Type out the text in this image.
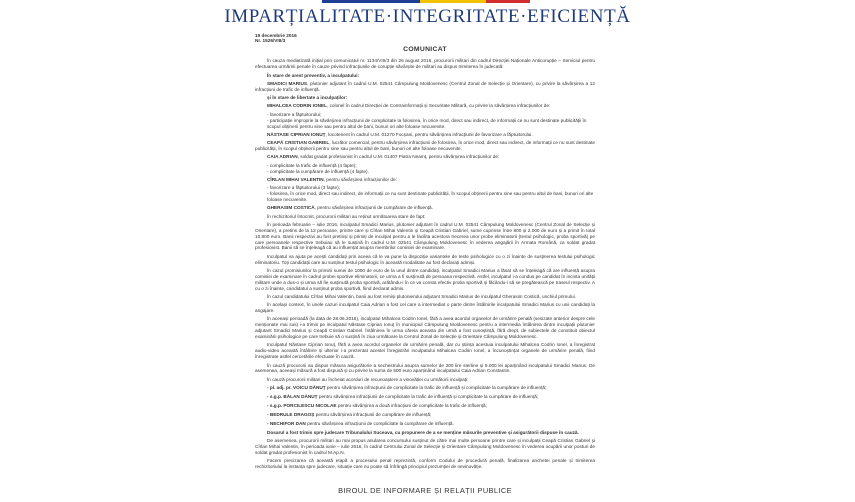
IMPARȚIALITATE·INTEGRITATE·EFICIENȚĂ

19 decembrie 2016

Nr. 1526/VIII/3

COMUNICAT

În cauza mediatizată inițial prin comunicatul nr. 1134/VIII/3 din 26 august 2016, procurorii militari din cadrul Direcției Naționale Anticorupție – Serviciul pentru efectuarea urmăririi penale în cauze privind infracțiunile de corupție săvârșite de militari au dispus trimiterea în judecată:

În stare de arest preventiv, a inculpatului:

SMADICI MARIUS, plutonier adjutant în cadrul U.M. 02541 Câmpulung Moldovenesc (Centrul Zonal de Selecție și Orientare), cu privire la săvârșirea a 12 infracțiuni de trafic de influență.

și în stare de libertate a inculpaților:

MIHALCEA CODRIN IONEL, colonel în cadrul Direcției de Contrainformații și Securitate Militară, cu privire la săvârșirea infracțiunilor de:

- favorizare a făptuitorului;
- participație improprie la săvârșirea infracțiunii de complicitate la folosirea, în orice mod, direct sau indirect, de informații ce nu sunt destinate publicității în scopul obținerii pentru sine sau pentru altul de bani, bunuri ori alte foloase necuvenite.

NĂSTASE CIPRIAN IONUȚ, locotenent în cadrul U.M. 01270 Focșani, pentru săvârșirea infracțiunii de favorizare a făptuitorului.

CEAPĂ CRISTIAN GABRIEL, lucrător comercial, pentru săvârșirea infracțiunii de folosirea, în orice mod, direct sau indirect, de informații ce nu sunt destinate publicității, în scopul obținerii pentru sine sau pentru altul de bani, bunuri ori alte foloase necuvenite.

CAIA ADRIAN, soldat gradat profesionist în cadrul U.M. 01407 Piatra Neamț, pentru săvârșirea infracțiunilor de:

- complicitate la trafic de influență (4 fapte);
- complicitate la cumpărare de influență (4 fapte).

CÎRLAN MIHAI VALENTIN, pentru săvârșirea infracțiunilor de:

- favorizare a făptuitorului (3 fapte);
- folosirea, în orice mod, direct sau indirect, de informații ce nu sunt destinate publicității, în scopul obținerii pentru sine sau pentru altul de bani, bunuri ori alte foloase necuvenite.

GHERASIM COSTICĂ, pentru săvârșirea infracțiunii de cumpărare de influență.

În rechizitoriul întocmit, procurorii militari au reținut următoarea stare de fapt:

În perioada februarie – iulie 2016, inculpatul Smadici Marius, plutonier adjutant în cadrul U.M. 02541 Câmpulung Moldovenesc (Centrul Zonal de Selecție și Orientare), a pretins de la 12 persoane, printre care și Cîrlan Mihai Valentin și Ceapă Cristian Gabriel, sume cuprinse între 800 și 2.000 de euro și a primit în total 10.800 euro. Banii respectivi au fost pretinși și primiți de inculpat pentru a le facilita acestora trecerea unor probe eliminatorii (testul psihologic, proba sportivă) pe care persoanele respective trebuiau să le susțină în cadrul U.M. 02541 Câmpulung Moldovenesc în vederea angajării în Armata Română, ca soldat gradat profesionist. Banii să se înțeleagă că au influențat asupra membrilor comisiei de examinare.

Inculpatul va ajuta pe acești candidați prin aceea că le va pune la dispoziție variantele de teste psihologice cu o zi înainte de susținerea testului psihologic eliminatoriu. Toți candidații care au susținut testul psihologic în această modalitate au fost declarați admiși.

În cazul promisiunilor la primirii sumei de 1000 de euro de la unul dintre candidați, inculpatul Smadici Marius a lăsat să se înțeleagă că are influență asupra comisiei de examinare în cadrul probei sportive eliminatorii, ce urma a fi susținută de persoana respectivă. Astfel, inculpatul i-a condus pe candidat în incinta unității militare unde a dus-o și urma să fie susținută proba sportivă, arătându-i în ce va consta efectiv proba sportivă și făcându-i să se pregătească pe traseul respectiv. A cu o zi înainte, candidatul a susținut proba sportivă, fiind declarat admis.

În cazul candidatului Cîrlan Mihai Valentin, banii au fost remiși plutonierului adjutant Smadici Marius de inculpatul Gherasim Costică, unchiul primului.

În același context, în unele cazuri inculpatul Caia Adrian a fost cel care a intermediat o parte dintre întâlnirile inculpatului Smadici Marius cu unii candidați la angajare.

În aceeași perioadă (la data de 28.06.2016), inculpatul Mihalcea Codrin Ionel, fără a avea acordul organelor de urmărire penală (sesizate anterior despre cele menționate mai sus) i-a trimis pe inculpatul Năstase Ciprian Ionuț în municipiul Câmpulung Moldovenesc pentru a intermedia întâlnirea dintre inculpații plutonier adjutant Smadici Marius și Ceapă Cristian Gabriel. Întâlnirea în urma căreia aceasta din urmă a fost cunoștință, fără drept, de subiectele de constituit obiectul examinării psihologice pe care trebuie să o susțină în ziua următoare la Centrul Zonal de Selecție și Orientare Câmpulung Moldovenesc.

Inculpatul Năstase Ciprian Ionuț, fără a avea acordul organelor de urmărire penală, dar cu știința acestuia inculpatului Mihalcea Codrin Ionel, a înregistrat audio-video această întâlnire și ulterior i-a prezentat acestei înregistrări inculpatului Mihalcea Codrin Ionel, a încunoștințat organele de urmărire penală, fiind înregistrate astfel cercetările efectuate în cauză.

În cauză procurorii au dispus măsura asigurătorie a sechestrului asupra sumelor de 200 lire sterline și 9.000 lei aparținând inculpatului Smadici Marius. De asemenea, aceeași măsură a fost dispusă și cu privire la suma de 500 euro aparținând inculpatului Caia Adrian Constantin.

În cauză procurorii militari au încheiat acorduri de recunoaștere a vinovăției cu următorii inculpați:

- pl. adj. pr. VOICU DĂNUȚ pentru săvârșirea infracțiunii de complicitate la trafic de influență și complicitate la cumpărare de influență;

- s.g.p. BĂLAN DĂNUȚ pentru săvârșirea infracțiunii de complicitate la trafic de influență și complicitate la cumpărare de influență;

- s.g.p. PORCILESCU NICOLAE pentru săvârșirea a două infracțiuni de complicitate la trafic de influență;

- BEDRULE DRAGOȘ pentru săvârșirea infracțiunii de cumpărare de influență;

- NECHIFOR DAN pentru săvârșirea infracțiunii de complicitate la cumpărare de influență.

Dosarul a fost trimis spre judecare Tribunalului Suceava, cu propunere de a se menține măsurile preventive și asigurătorii dispuse în cauză.

De asemenea, procurorii militari au mai propus anularea concursului susținut de către mai multe persoane printre care și inculpații Ceapă Cristian Gabriel și Cîrlan Mihai Valentin, în perioada iunie – iulie 2016, în cadrul Centrului Zonal de Selecție și Orientare Câmpulung Moldovenesc în vederea ocupării unor posturi de soldat gradat profesionist în cadrul M.Ap.N.

Facem precizarea că această etapă a procesului penal reprezintă, conform Codului de procedură penală, finalizarea anchetei penale și trimiterea rechizitoriului la instanța spre judecare, situație care nu poate să înfrângă principiul prezumției de nevinovăție.

BIROUL DE INFORMARE ȘI RELAȚII PUBLICE
